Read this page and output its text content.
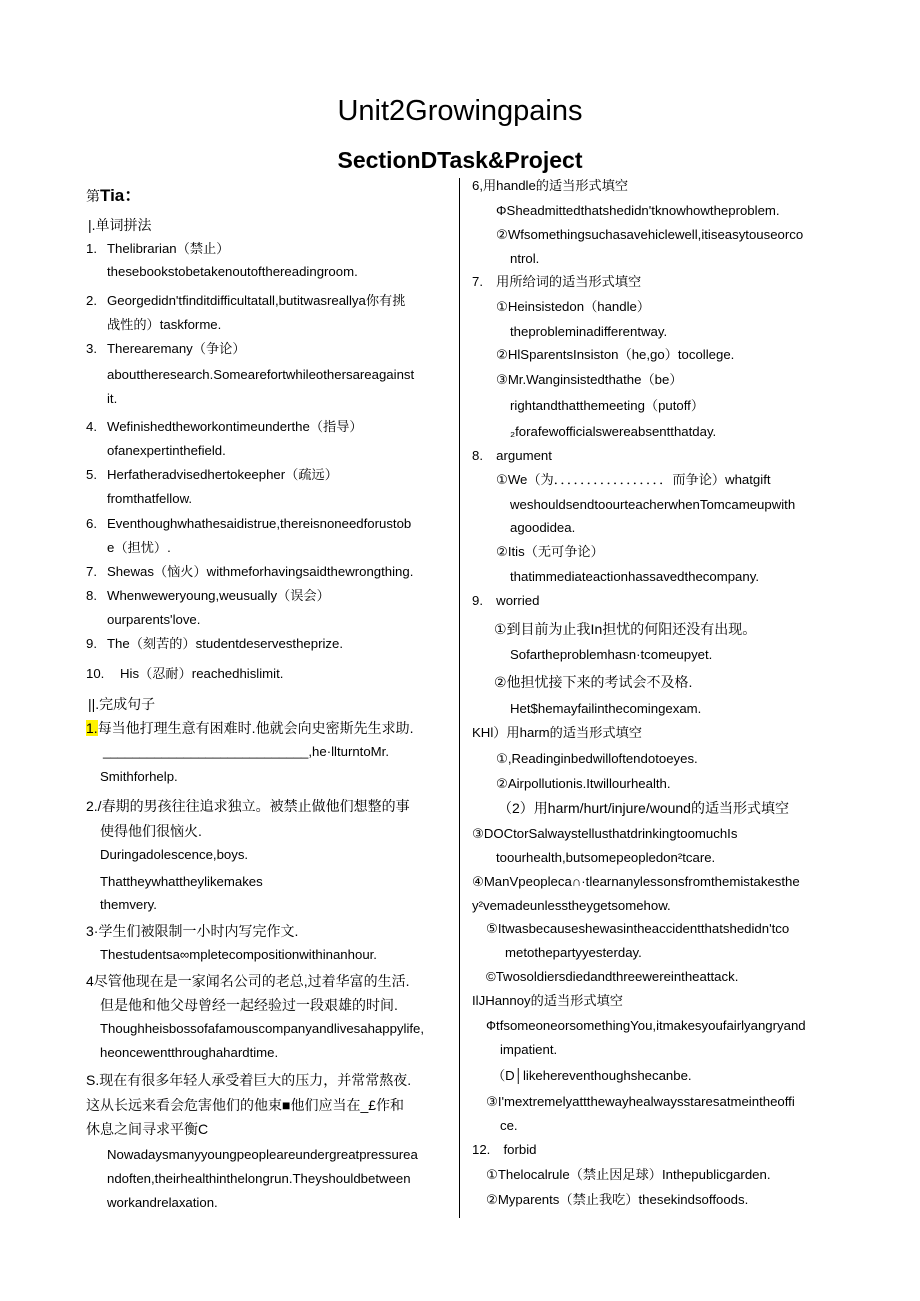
Unit2Growingpains
SectionDTask&Project
第Tia：
|.单词拼法
1. Thelibrarian（禁止）
thesebookstobetakenoutofthereadingroom.
2. Georgedidn'tfinditdifficultatall,butitwasreallya你有挑
战性的）taskforme.
3. Therearemany（争论）
abouttheresearch.Somearefortwhileothersareagainst
it.
4. Wefinishedtheworkontimeunderthe（指导）
ofanexpertinthefield.
5. Herfatheradvisedhertokeepher（疏远）
fromthatfellow.
6. Eventhoughwhathesaidistrue,thereisnoneedforustob
e（担忧）.
7. Shewas（恼火）withmeforhavingsaidthewrongthing.
8. Whenweweryoung,weusually（误会）
ourparents'love.
9. The（刻苦的）studentdeservestheprize.
10. His（忍耐）reachedhislimit.
||.完成句子
1.每当他打理生意有困难时.他就会向史密斯先生求助.
____________________________,he·llturntoMr.
Smithforhelp.
2./春期的男孩往往追求独立。被禁止做他们想整的事
使得他们很恼火.
Duringadolescence,boys.
Thattheywhattheylikemakes
themvery.
3·学生们被限制一小时内写完作文.
Thestudentsa∞mpletecompositionwithinanhour.
4尽管他现在是一家闻名公司的老总,过着华富的生活.
但是他和他父母曾经一起经验过一段艰雄的时间.
Thoughheisbossofafamouscompanyandlivesahappylife,
heoncewentthroughahardtime.
S.现在有很多年轻人承受着巨大的压力，并常常熬夜.
这从长远来看会危害他们的他束■他们应当在_£作和
休息之间寻求平衡C
Nowadaysmanyyoungpeopleareundergreatpressurea
ndoften,theirhealthinthelongrun.Theyshouldbetween
workandrelaxation.
6,用handle的适当形式填空
ΦSheadmittedthatshedidn'tknowhowtheproblem.
②Wfsomethingsuchasavehiclewell,itiseasytouseorco
ntrol.
7.　用所给词的适当形式填空
①Heinsistedon（handle）
theprobleminadifferentway.
②HlSparentsInsiston（he,go）tocollege.
③Mr.Wanginsistedthathe（be）
rightandthatthemeeting（putoff）
₂forafewofficialswereabsentthatday.
8.　argument
①We（为．．．．．．．．．．．．．．．．．而争论）whatgift
weshouldsendtoourteacherwhenTomcameupwith
agoodidea.
②Itis（无可争论）
thatimmediateactionhassavedthecompany.
9.　worried
①到目前为止我In担忧的何阳还没有出现。
Sofartheproblemhasn·tcomeupyet.
②他担忧接下来的考试会不及格.
Het$hemayfailinthecomingexam.
KHl）用harm的适当形式填空
①,Readinginbedwilloftendotoeyes.
②Airpollutionis.Itwillourhealth.
（2）用harm/hurt/injure/wound的适当形式填空
③DOCtorSalwaystellusthatdrinkingtoomuchIs
toourhealth,butsomepeopledon²tcare.
④ManVpeopleca∩·tlearnanylessonsfromthemistakesthe
y²vemadeunlesstheygetsomehow.
⑤Itwasbecauseshewasintheaccidentthatshedidn'tco
metothepartyyesterday.
©Twosoldiersdiedandthreewereintheattack.
IlJHannoy的适当形式填空
ФtfsomeoneorsomethingYou,itmakesyoufairlyangryand
impatient.
（D│likehereventhoughshecanbe.
③I'mextremelyattthewayhealwaysstaresatmeintheoffi
ce.
12.　forbid
①Thelocalrule（禁止因足球）Inthepublicgarden.
②Myparents（禁止我吃）thesekindsoffoods.
